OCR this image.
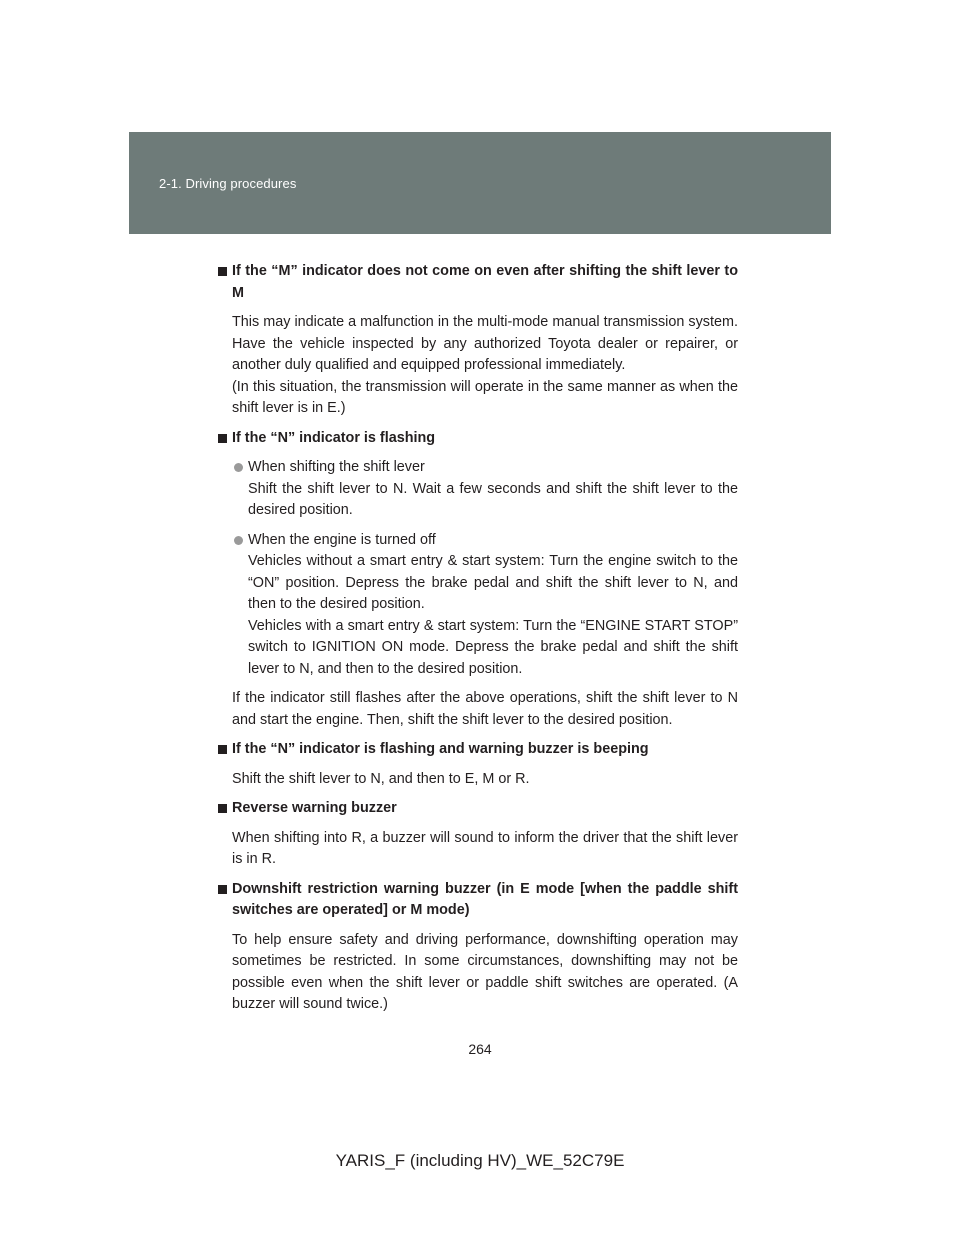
2-1. Driving procedures
If the “M” indicator does not come on even after shifting the shift lever to M
This may indicate a malfunction in the multi-mode manual transmission system. Have the vehicle inspected by any authorized Toyota dealer or repairer, or another duly qualified and equipped professional immediately.
(In this situation, the transmission will operate in the same manner as when the shift lever is in E.)
If the “N” indicator is flashing
When shifting the shift lever
Shift the shift lever to N. Wait a few seconds and shift the shift lever to the desired position.
When the engine is turned off
Vehicles without a smart entry & start system: Turn the engine switch to the “ON” position. Depress the brake pedal and shift the shift lever to N, and then to the desired position.
Vehicles with a smart entry & start system: Turn the “ENGINE START STOP” switch to IGNITION ON mode. Depress the brake pedal and shift the shift lever to N, and then to the desired position.
If the indicator still flashes after the above operations, shift the shift lever to N and start the engine. Then, shift the shift lever to the desired position.
If the “N” indicator is flashing and warning buzzer is beeping
Shift the shift lever to N, and then to E, M or R.
Reverse warning buzzer
When shifting into R, a buzzer will sound to inform the driver that the shift lever is in R.
Downshift restriction warning buzzer (in E mode [when the paddle shift switches are operated] or M mode)
To help ensure safety and driving performance, downshifting operation may sometimes be restricted. In some circumstances, downshifting may not be possible even when the shift lever or paddle shift switches are operated. (A buzzer will sound twice.)
264
YARIS_F (including HV)_WE_52C79E
